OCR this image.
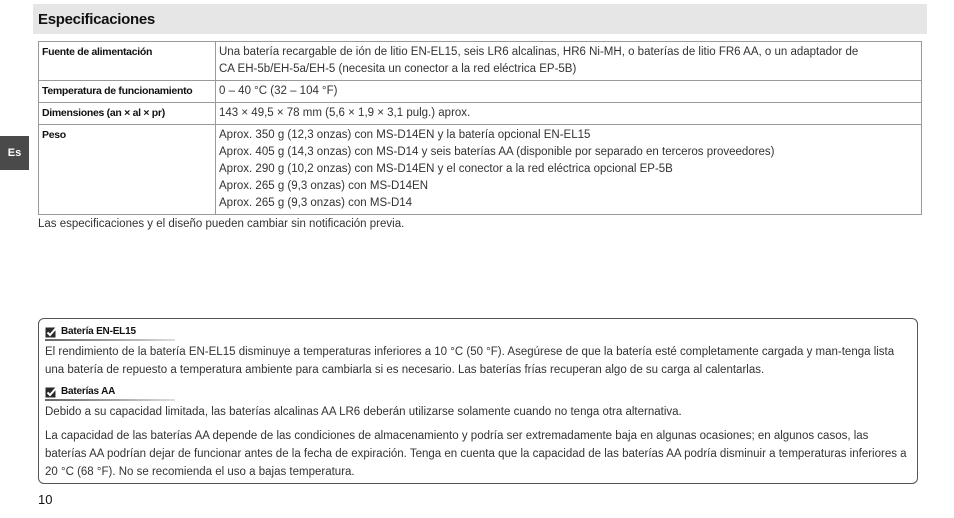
Especificaciones
Es
Fuente de alimentación	Una batería recargable de ión de litio EN-EL15, seis LR6 alcalinas, HR6 Ni-MH, o baterías de litio FR6 AA, o un adaptador de
CA EH-5b/EH-5a/EH-5 (necesita un conector a la red eléctrica EP-5B)

Temperatura de funcionamiento	0 – 40 °C (32 – 104 °F)

Dimensiones (an × al × pr)	143 × 49,5 × 78 mm (5,6 × 1,9 × 3,1 pulg.) aprox.

Peso	Aprox. 350 g (12,3 onzas) con MS-D14EN y la batería opcional EN-EL15
Aprox. 405 g (14,3 onzas) con MS-D14 y seis baterías AA (disponible por separado en terceros proveedores)
Aprox. 290 g (10,2 onzas) con MS-D14EN y el conector a la red eléctrica opcional EP-5B
Aprox. 265 g (9,3 onzas) con MS-D14EN
Aprox. 265 g (9,3 onzas) con MS-D14
Las especificaciones y el diseño pueden cambiar sin notificación previa.
Batería EN-EL15

El rendimiento de la batería EN-EL15 disminuye a temperaturas inferiores a 10 °C (50 °F). Asegúrese de que la batería esté completamente cargada y man-tenga lista una batería de repuesto a temperatura ambiente para cambiarla si es necesario. Las baterías frías recuperan algo de su carga al calentarlas.

Baterías AA

Debido a su capacidad limitada, las baterías alcalinas AA LR6 deberán utilizarse solamente cuando no tenga otra alternativa.

La capacidad de las baterías AA depende de las condiciones de almacenamiento y podría ser extremadamente baja en algunas ocasiones; en algunos casos, las baterías AA podrían dejar de funcionar antes de la fecha de expiración. Tenga en cuenta que la capacidad de las baterías AA podría disminuir a temperaturas inferiores a 20 °C (68 °F). No se recomienda el uso a bajas temperatura.

10
